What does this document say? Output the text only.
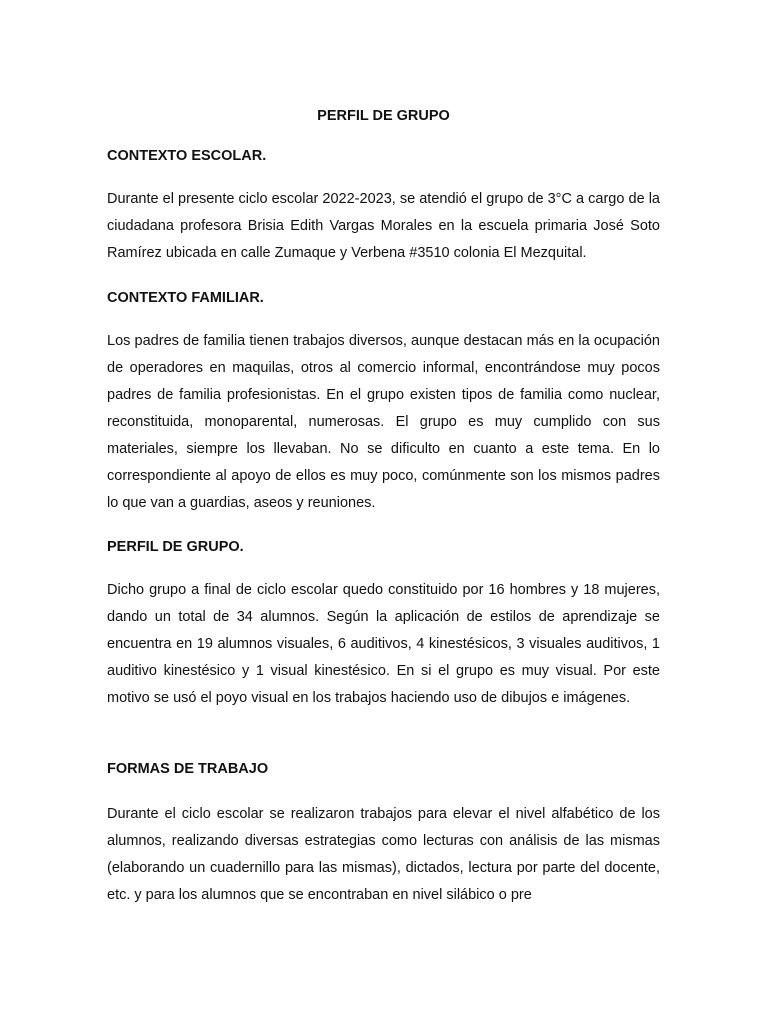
PERFIL DE GRUPO
CONTEXTO ESCOLAR.

Durante el presente ciclo escolar 2022-2023, se atendió el grupo de 3°C a cargo de la ciudadana profesora Brisia Edith Vargas Morales en la escuela primaria José Soto Ramírez ubicada en calle Zumaque y Verbena #3510 colonia El Mezquital.

CONTEXTO FAMILIAR.

Los padres de familia tienen trabajos diversos, aunque destacan más en la ocupación de operadores en maquilas, otros al comercio informal, encontrándose muy pocos padres de familia profesionistas. En el grupo existen tipos de familia como nuclear, reconstituida, monoparental, numerosas. El grupo es muy cumplido con sus materiales, siempre los llevaban. No se dificulto en cuanto a este tema. En lo correspondiente al apoyo de ellos es muy poco, comúnmente son los mismos padres lo que van a guardias, aseos y reuniones.

PERFIL DE GRUPO.

Dicho grupo a final de ciclo escolar quedo constituido por 16 hombres y 18 mujeres, dando un total de 34 alumnos. Según la aplicación de estilos de aprendizaje se encuentra en 19 alumnos visuales, 6 auditivos, 4 kinestésicos, 3 visuales auditivos, 1 auditivo kinestésico y 1 visual kinestésico. En si el grupo es muy visual. Por este motivo se usó el poyo visual en los trabajos haciendo uso de dibujos e imágenes.

FORMAS DE TRABAJO

Durante el ciclo escolar se realizaron trabajos para elevar el nivel alfabético de los alumnos, realizando diversas estrategias como lecturas con análisis de las mismas (elaborando un cuadernillo para las mismas), dictados, lectura por parte del docente, etc. y para los alumnos que se encontraban en nivel silábico o pre
